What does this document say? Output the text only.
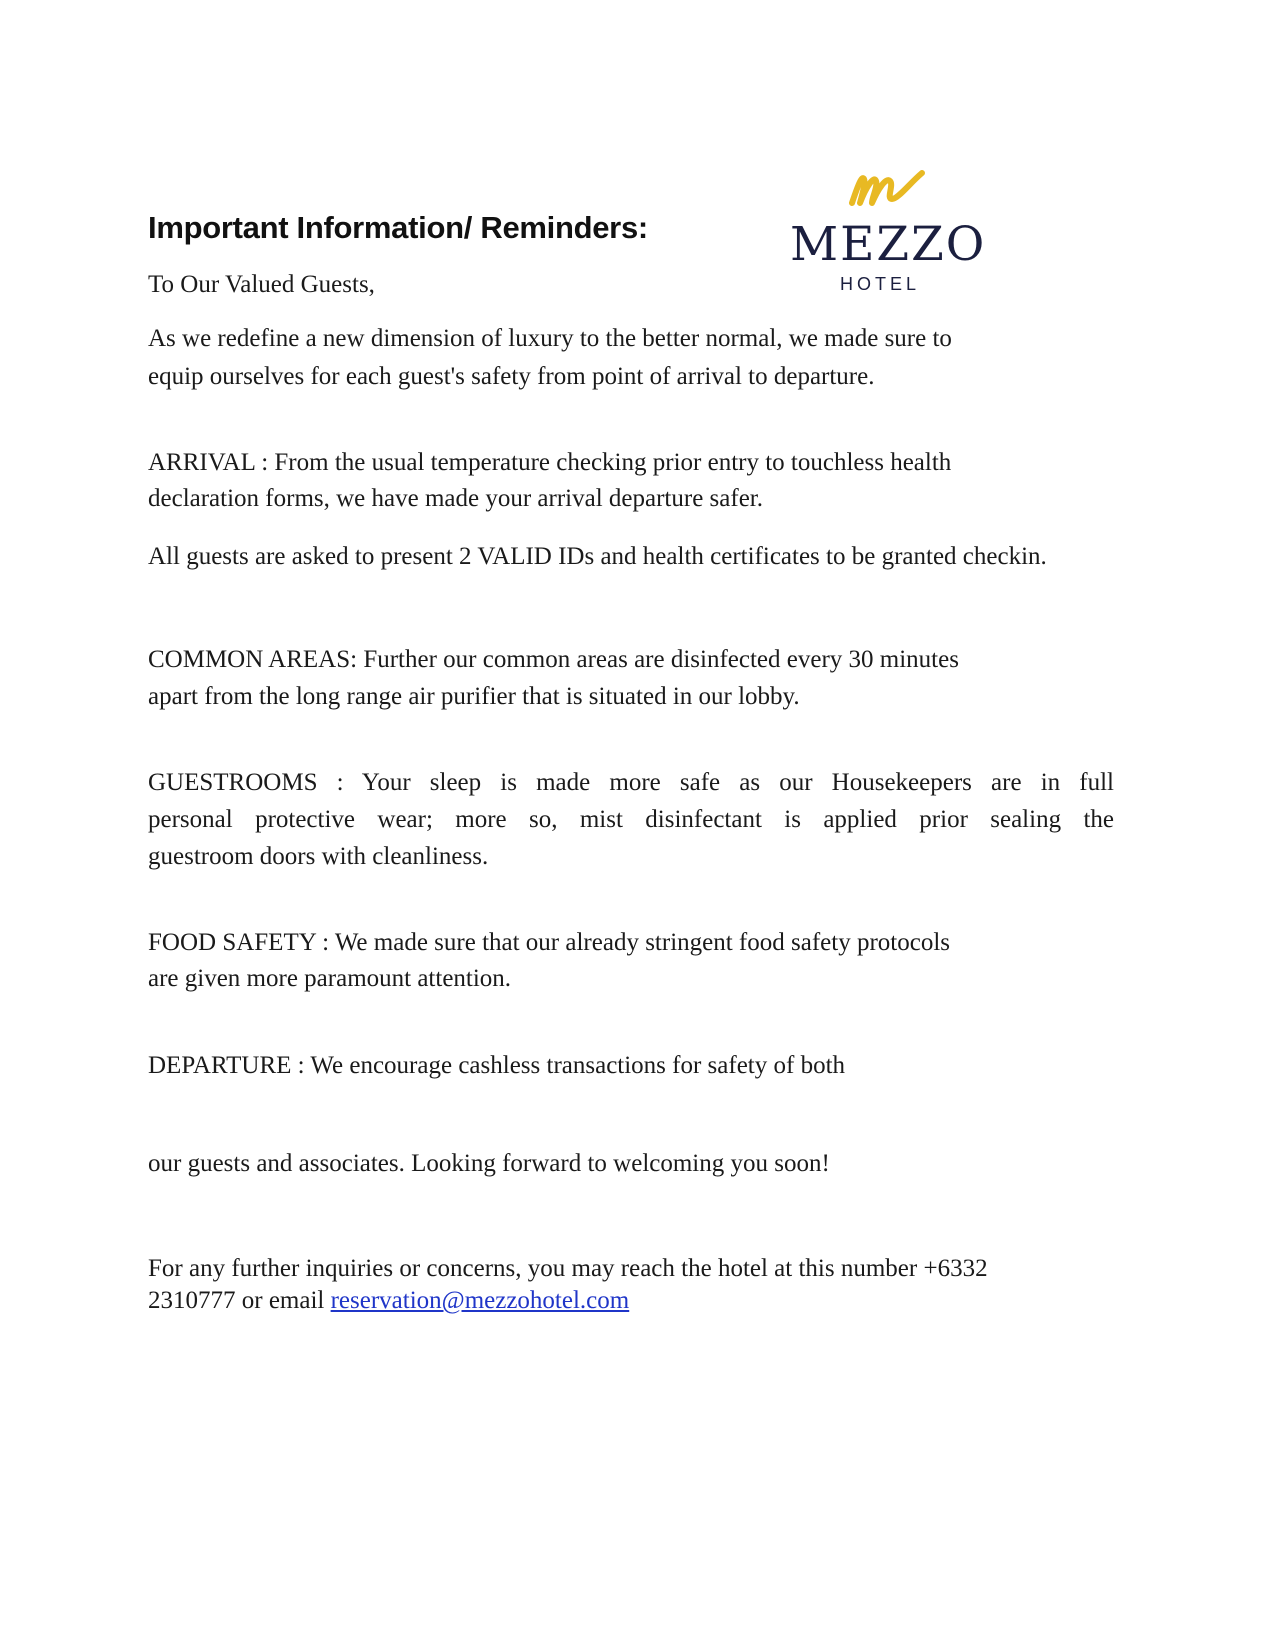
Important Information/ Reminders:	MEZZO
HOTEL

To Our Valued Guests,

As we redefine a new dimension of luxury to the better normal, we made sure to

equip ourselves for each guest's safety from point of arrival to departure.

ARRIVAL : From the usual temperature checking prior entry to touchless health

declaration forms, we have made your arrival departure safer.

All guests are asked to present 2 VALID IDs and health certificates to be granted checkin.

COMMON AREAS: Further our common areas are disinfected every 30 minutes

apart from the long range air purifier that is situated in our lobby.

GUESTROOMS : Your sleep is made more safe as our Housekeepers are in full

personal protective wear; more so, mist disinfectant is applied prior sealing the

guestroom doors with cleanliness.

FOOD SAFETY : We made sure that our already stringent food safety protocols

are given more paramount attention.

DEPARTURE : We encourage cashless transactions for safety of both

our guests and associates. Looking forward to welcoming you soon!

For any further inquiries or concerns, you may reach the hotel at this number +6332

2310777 or email reservation@mezzohotel.com
